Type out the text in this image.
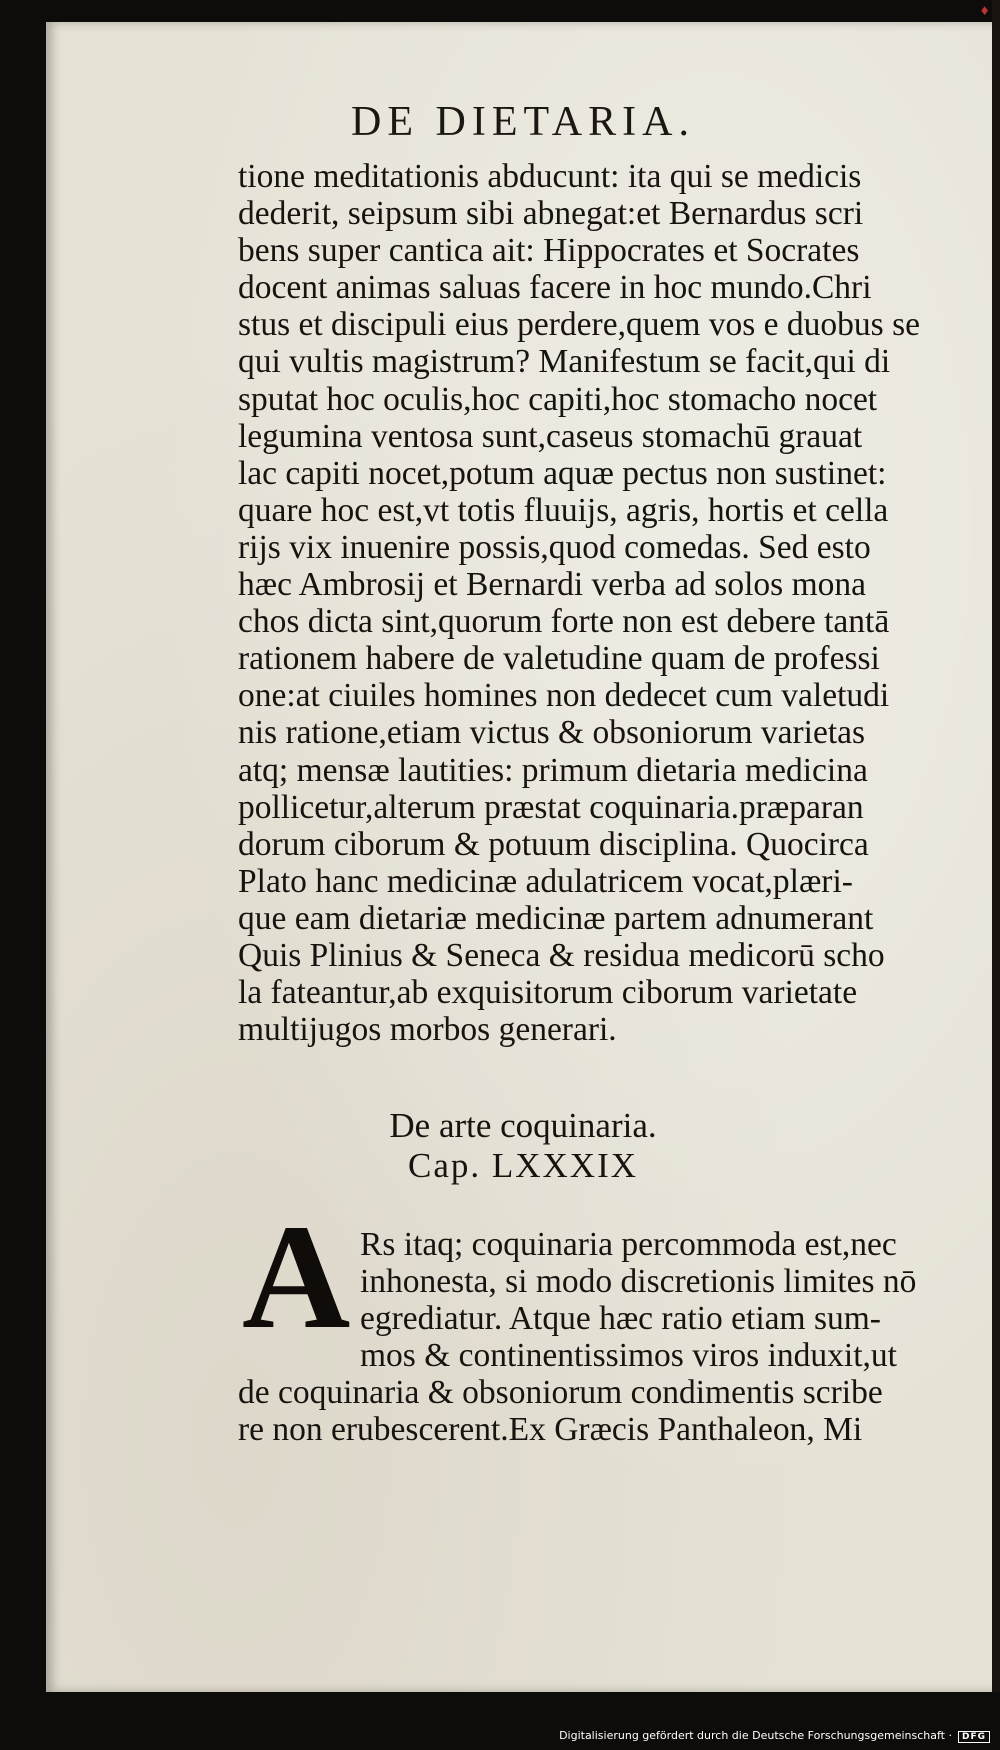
DE DIETARIA.
tione meditationis abducunt: ita qui se medicis
dederit, seipsum sibi abnegat:et Bernardus scri
bens super cantica ait: Hippocrates et Socrates
docent animas saluas facere in hoc mundo.Chri
stus et discipuli eius perdere,quem vos e duobus se
qui vultis magistrum? Manifestum se facit,qui di
sputat hoc oculis,hoc capiti,hoc stomacho nocet
legumina ventosa sunt,caseus stomachū grauat
lac capiti nocet,potum aquæ pectus non sustinet:
quare hoc est,vt totis fluuijs, agris, hortis et cella
rijs vix inuenire possis,quod comedas. Sed esto
hæc Ambrosij et Bernardi verba ad solos mona
chos dicta sint,quorum forte non est debere tantā
rationem habere de valetudine quam de professi
one:at ciuiles homines non dedecet cum valetudi
nis ratione,etiam victus & obsoniorum varietas
atq; mensæ lautities: primum dietaria medicina
pollicetur,alterum præstat coquinaria.præparan
dorum ciborum & potuum disciplina. Quocirca
Plato hanc medicinæ adulatricem vocat,plæri-
que eam dietariæ medicinæ partem adnumerant
Quis Plinius & Seneca & residua medicorū scho
la fateantur,ab exquisitorum ciborum varietate
multijugos morbos generari.
De arte coquinaria.
Cap. LXXXIX
A Rs itaq; coquinaria percommoda est,nec
inhonesta, si modo discretionis limites nō
egrediatur. Atque hæc ratio etiam sum-
mos & continentissimos viros induxit,ut
de coquinaria & obsoniorum condimentis scribe
re non erubescerent.Ex Græcis Panthaleon, Mi
♦
Digitalisierung gefördert durch die Deutsche Forschungsgemeinschaft · DFG
